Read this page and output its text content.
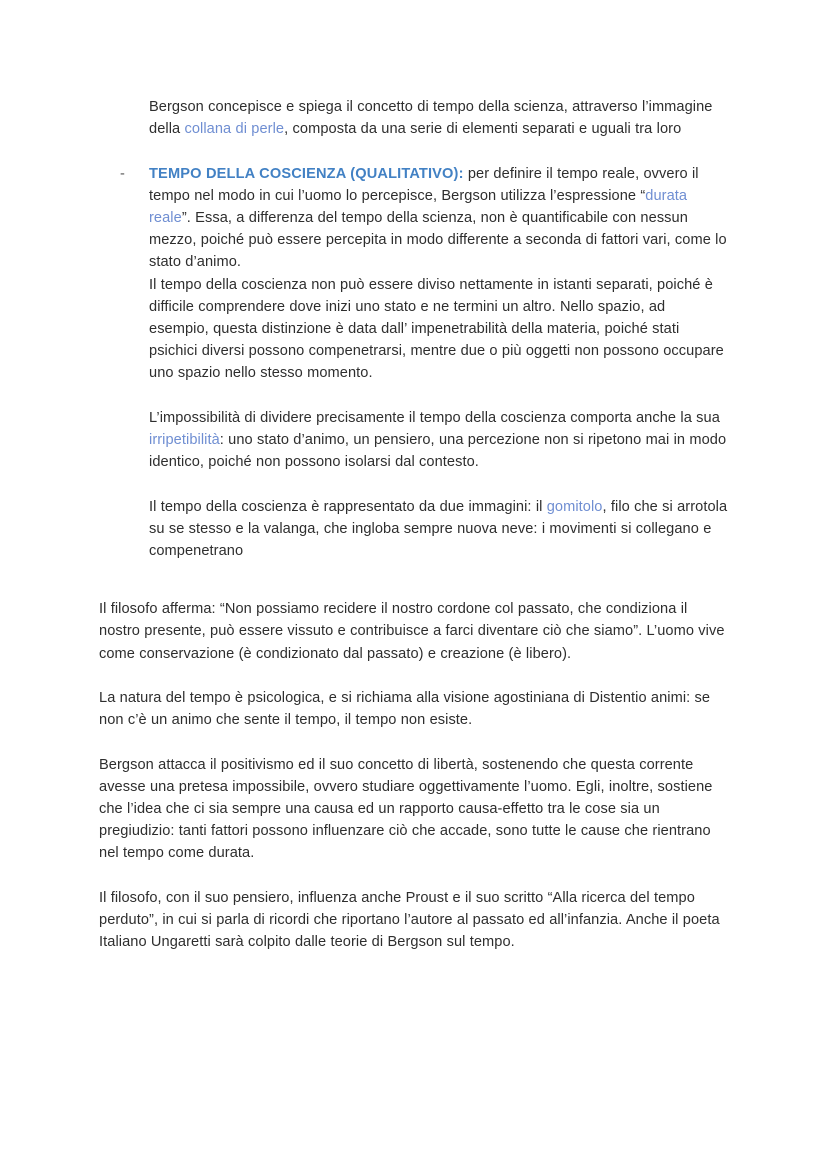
Bergson concepisce e spiega il concetto di tempo della scienza, attraverso l’immagine della collana di perle, composta da una serie di elementi separati e uguali tra loro

- TEMPO DELLA COSCIENZA (QUALITATIVO): per definire il tempo reale, ovvero il tempo nel modo in cui l’uomo lo percepisce, Bergson utilizza l’espressione “durata reale”. Essa, a differenza del tempo della scienza, non è quantificabile con nessun mezzo, poiché può essere percepita in modo differente a seconda di fattori vari, come lo stato d’animo.

Il tempo della coscienza non può essere diviso nettamente in istanti separati, poiché è difficile comprendere dove inizi uno stato e ne termini un altro. Nello spazio, ad esempio, questa distinzione è data dall’ impenetrabilità della materia, poiché stati psichici diversi possono compenetrarsi, mentre due o più oggetti non possono occupare uno spazio nello stesso momento.

L’impossibilità di dividere precisamente il tempo della coscienza comporta anche la sua irripetibilità: uno stato d’animo, un pensiero, una percezione non si ripetono mai in modo identico, poiché non possono isolarsi dal contesto.

Il tempo della coscienza è rappresentato da due immagini: il gomitolo, filo che si arrotola su se stesso e la valanga, che ingloba sempre nuova neve: i movimenti si collegano e compenetrano

Il filosofo afferma: “Non possiamo recidere il nostro cordone col passato, che condiziona il nostro presente, può essere vissuto e contribuisce a farci diventare ciò che siamo”. L’uomo vive come conservazione (è condizionato dal passato) e creazione (è libero).

La natura del tempo è psicologica, e si richiama alla visione agostiniana di Distentio animi: se non c’è un animo che sente il tempo, il tempo non esiste.

Bergson attacca il positivismo ed il suo concetto di libertà, sostenendo che questa corrente avesse una pretesa impossibile, ovvero studiare oggettivamente l’uomo. Egli, inoltre, sostiene che l’idea che ci sia sempre una causa ed un rapporto causa-effetto tra le cose sia un pregiudizio: tanti fattori possono influenzare ciò che accade, sono tutte le cause che rientrano nel tempo come durata.

Il filosofo, con il suo pensiero, influenza anche Proust e il suo scritto “Alla ricerca del tempo perduto”, in cui si parla di ricordi che riportano l’autore al passato ed all’infanzia. Anche il poeta Italiano Ungaretti sarà colpito dalle teorie di Bergson sul tempo.
